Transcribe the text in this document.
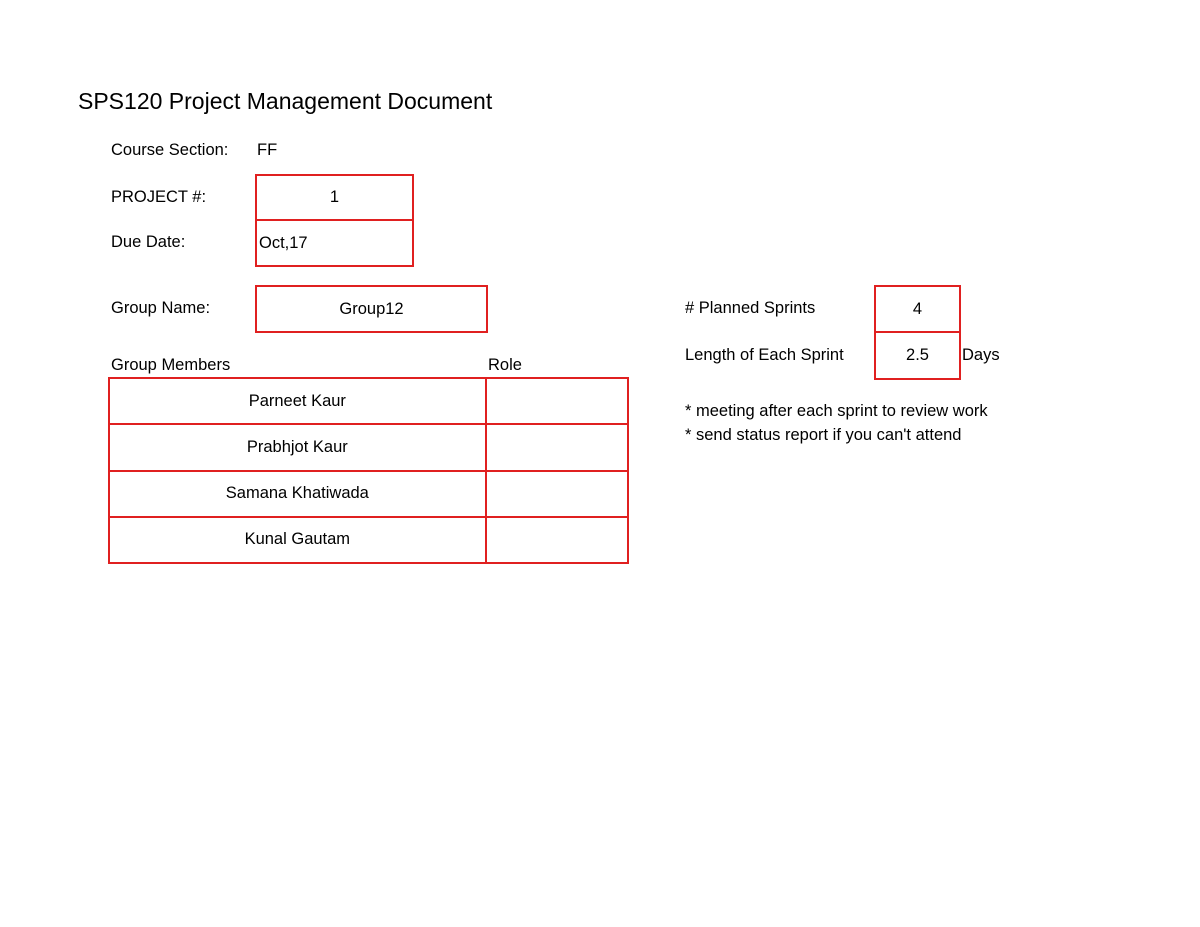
SPS120 Project Management Document
Course Section: FF
PROJECT #:	1
Due Date:	Oct,17
Group Name:	Group12
Group Members	Role
Parneet Kaur	
Prabhjot Kaur	
Samana Khatiwada	
Kunal Gautam	
# Planned Sprints	4
Length of Each Sprint	2.5 Days
* meeting after each sprint to review work
* send status report if you can't attend
